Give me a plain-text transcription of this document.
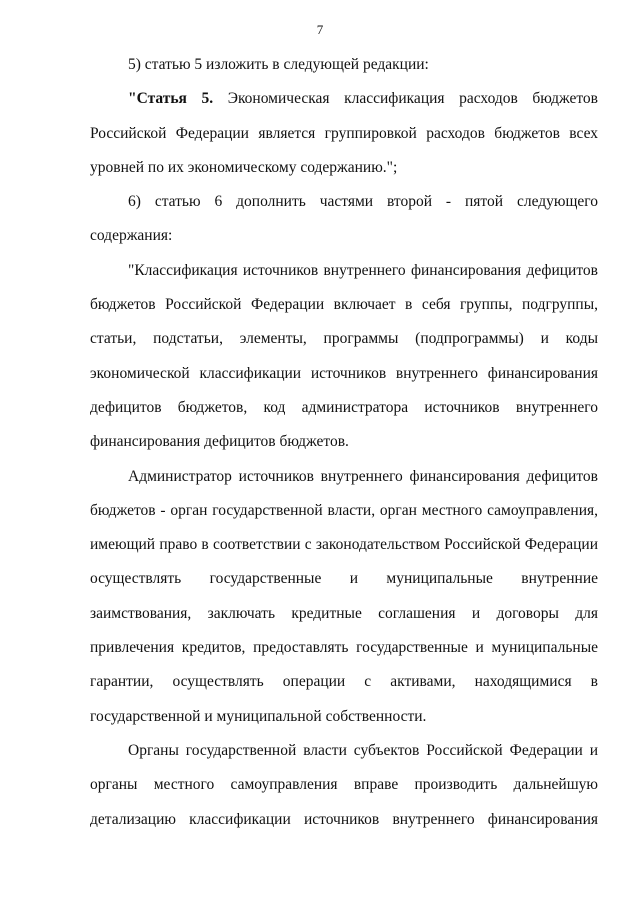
7

5) статью 5 изложить в следующей редакции:

"Статья 5. Экономическая классификация расходов бюджетов Российской Федерации является группировкой расходов бюджетов всех уровней по их экономическому содержанию.";

6) статью 6 дополнить частями второй - пятой следующего содержания:

"Классификация источников внутреннего финансирования дефицитов бюджетов Российской Федерации включает в себя группы, подгруппы, статьи, подстатьи, элементы, программы (подпрограммы) и коды экономической классификации источников внутреннего финансирования дефицитов бюджетов, код администратора источников внутреннего финансирования дефицитов бюджетов.

Администратор источников внутреннего финансирования дефицитов бюджетов - орган государственной власти, орган местного самоуправления, имеющий право в соответствии с законодательством Российской Федерации осуществлять государственные и муниципальные внутренние заимствования, заключать кредитные соглашения и договоры для привлечения кредитов, предоставлять государственные и муниципальные гарантии, осуществлять операции с активами, находящимися в государственной и муниципальной собственности.

Органы государственной власти субъектов Российской Федерации и органы местного самоуправления вправе производить дальнейшую детализацию классификации источников внутреннего финансирования
